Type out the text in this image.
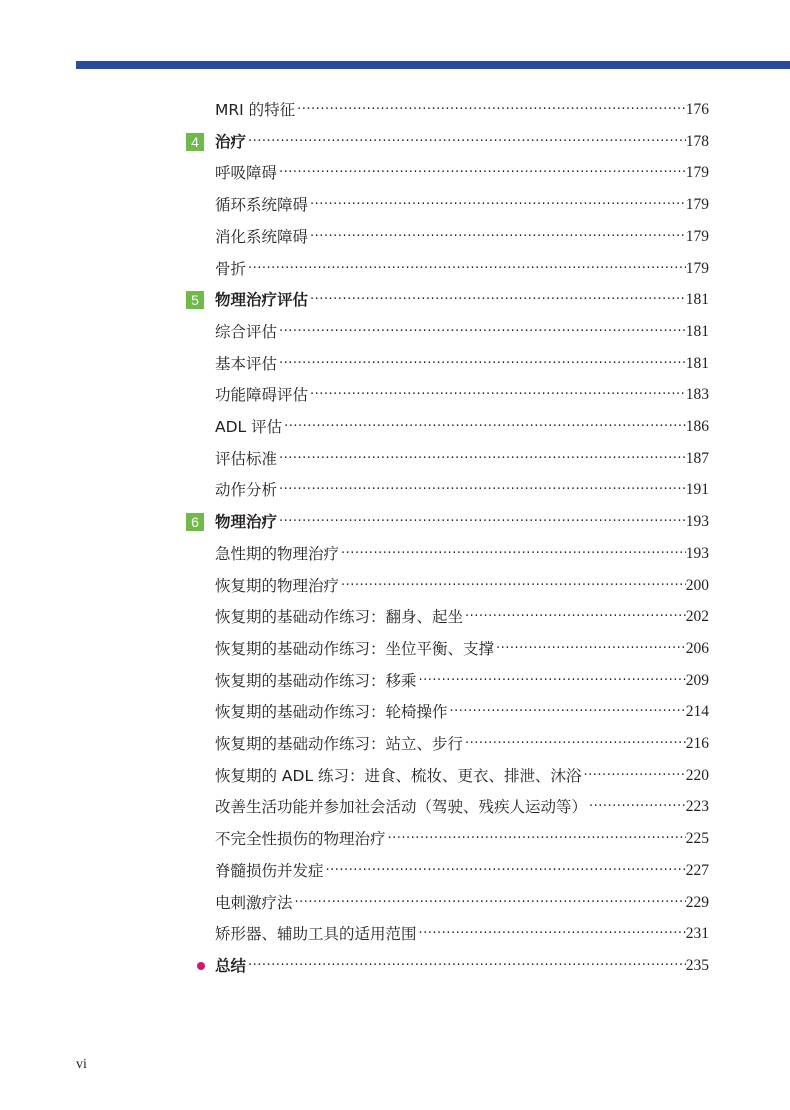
MRI 的特征 ·····	176
4	治疗 ·····	178
呼吸障碍 ·····	179
循环系统障碍 ·····	179
消化系统障碍 ·····	179
骨折 ·····	179
5	物理治疗评估 ·····	181
综合评估 ·····	181
基本评估 ·····	181
功能障碍评估 ·····	183
ADL 评估 ·····	186
评估标准 ·····	187
动作分析 ·····	191
6	物理治疗 ·····	193
急性期的物理治疗 ·····	193
恢复期的物理治疗 ·····	200
恢复期的基础动作练习：翻身、起坐 ·····	202
恢复期的基础动作练习：坐位平衡、支撑 ·····	206
恢复期的基础动作练习：移乘 ·····	209
恢复期的基础动作练习：轮椅操作 ·····	214
恢复期的基础动作练习：站立、步行 ·····	216
恢复期的 ADL 练习：进食、梳妆、更衣、排泄、沐浴 ·····	220
改善生活功能并参加社会活动（驾驶、残疾人运动等） ·····	223
不完全性损伤的物理治疗 ·····	225
脊髓损伤并发症 ·····	227
电刺激疗法 ·····	229
矫形器、辅助工具的适用范围 ·····	231
总结 ·····	235
vi
